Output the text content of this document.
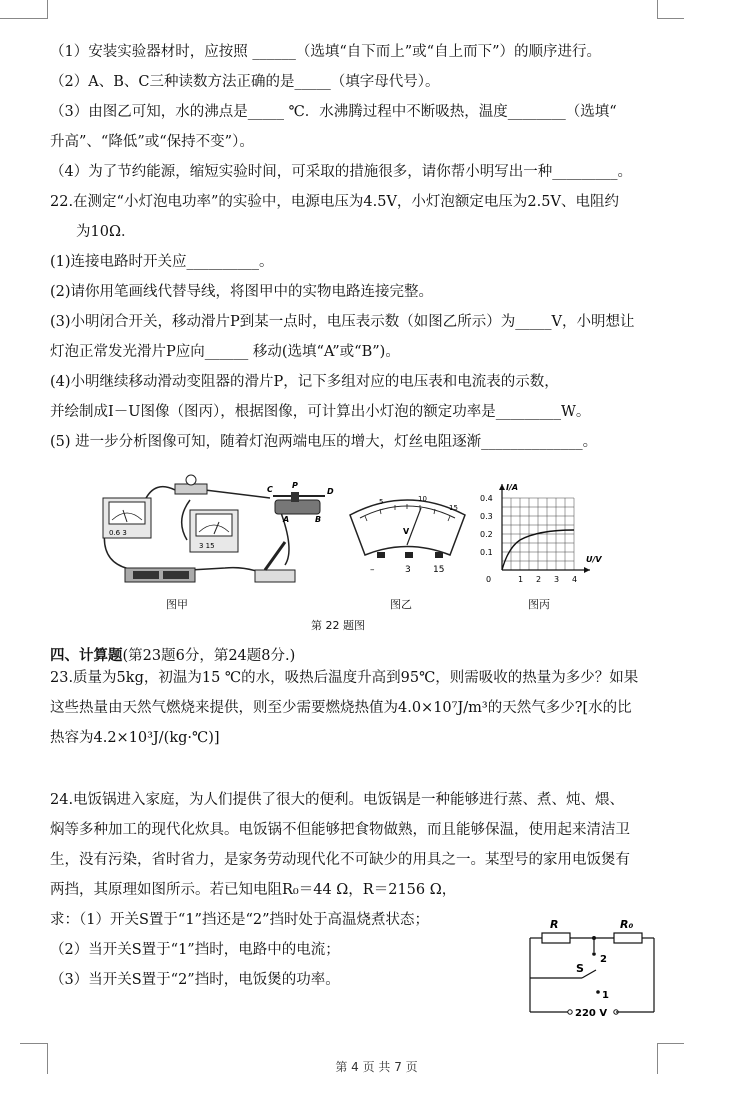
（1）安装实验器材时，应按照 ______（选填“自下而上”或“自上而下”）的顺序进行。
（2）A、B、C三种读数方法正确的是_____（填字母代号）。
（3）由图乙可知，水的沸点是_____ ℃．水沸腾过程中不断吸热，温度________（选填“
升高”、“降低”或“保持不变”）。
（4）为了节约能源，缩短实验时间，可采取的措施很多，请你帮小明写出一种_________。
22.在测定“小灯泡电功率”的实验中，电源电压为4.5V，小灯泡额定电压为2.5V、电阻约
为10Ω．
(1)连接电路时开关应__________。
(2)请你用笔画线代替导线，将图甲中的实物电路连接完整。
(3)小明闭合开关，移动滑片P到某一点时，电压表示数（如图乙所示）为_____V，小明想让
灯泡正常发光滑片P应向______ 移动(选填“A”或“B”)。
(4)小明继续移动滑动变阻器的滑片P，记下多组对应的电压表和电流表的示数，
并绘制成I－U图像（图丙），根据图像，可计算出小灯泡的额定功率是_________W。
(5) 进一步分析图像可知，随着灯泡两端电压的增大，灯丝电阻逐渐______________。
0.6 3
3 15
C P
D
A	B
图甲
5	10
15
V
–	3 15
图乙
I/A
U/V
0.4
0.3
0.2
0.1
0	1 2 3 4
图丙
第 22 题图
四、计算题(第23题6分，第24题8分.)
23.质量为5kg，初温为15 ℃的水，吸热后温度升高到95℃，则需吸收的热量为多少？如果
这些热量由天然气燃烧来提供，则至少需要燃烧热值为4.0×10⁷J/m³的天然气多少?[水的比
热容为4.2×10³J/(kg·℃)]
24.电饭锅进入家庭，为人们提供了很大的便利。电饭锅是一种能够进行蒸、煮、炖、煨、
焖等多种加工的现代化炊具。电饭锅不但能够把食物做熟，而且能够保温，使用起来清洁卫
生，没有污染，省时省力，是家务劳动现代化不可缺少的用具之一。某型号的家用电饭煲有
两挡，其原理如图所示。若已知电阻R₀＝44 Ω，R＝2156 Ω，
求：（1）开关S置于“1”挡还是“2”挡时处于高温烧煮状态；
（2）当开关S置于“1”挡时，电路中的电流；
（3）当开关S置于“2”挡时，电饭煲的功率。
R	R₀
S
2
1
220 V
第 4 页 共 7 页
